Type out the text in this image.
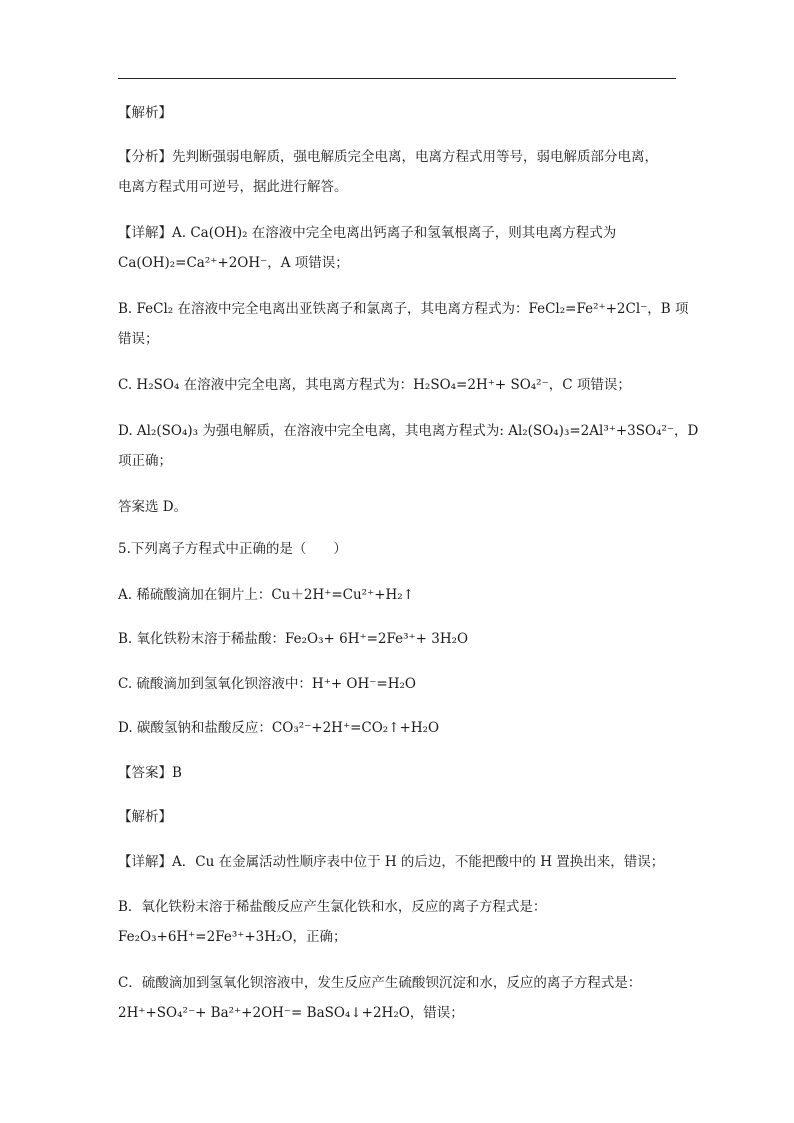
【解析】
【分析】先判断强弱电解质，强电解质完全电离，电离方程式用等号，弱电解质部分电离，
电离方程式用可逆号，据此进行解答。
【详解】A. Ca(OH)₂ 在溶液中完全电离出钙离子和氢氧根离子，则其电离方程式为
Ca(OH)₂=Ca²⁺+2OH⁻，A 项错误；
B. FeCl₂ 在溶液中完全电离出亚铁离子和氯离子，其电离方程式为：FeCl₂=Fe²⁺+2Cl⁻，B 项
错误；
C. H₂SO₄ 在溶液中完全电离，其电离方程式为：H₂SO₄=2H⁺+ SO₄²⁻，C 项错误；
D. Al₂(SO₄)₃ 为强电解质，在溶液中完全电离，其电离方程式为: Al₂(SO₄)₃=2Al³⁺+3SO₄²⁻，D
项正确；
答案选 D。
5.下列离子方程式中正确的是（　　）
A. 稀硫酸滴加在铜片上：Cu＋2H⁺=Cu²⁺+H₂↑
B. 氧化铁粉末溶于稀盐酸：Fe₂O₃+ 6H⁺=2Fe³⁺+ 3H₂O
C. 硫酸滴加到氢氧化钡溶液中：H⁺+ OH⁻=H₂O
D. 碳酸氢钠和盐酸反应：CO₃²⁻+2H⁺=CO₂↑+H₂O
【答案】B
【解析】
【详解】A．Cu 在金属活动性顺序表中位于 H 的后边，不能把酸中的 H 置换出来，错误；
B．氧化铁粉末溶于稀盐酸反应产生氯化铁和水，反应的离子方程式是：
Fe₂O₃+6H⁺=2Fe³⁺+3H₂O，正确；
C．硫酸滴加到氢氧化钡溶液中，发生反应产生硫酸钡沉淀和水，反应的离子方程式是：
2H⁺+SO₄²⁻+ Ba²⁺+2OH⁻= BaSO₄↓+2H₂O，错误；
